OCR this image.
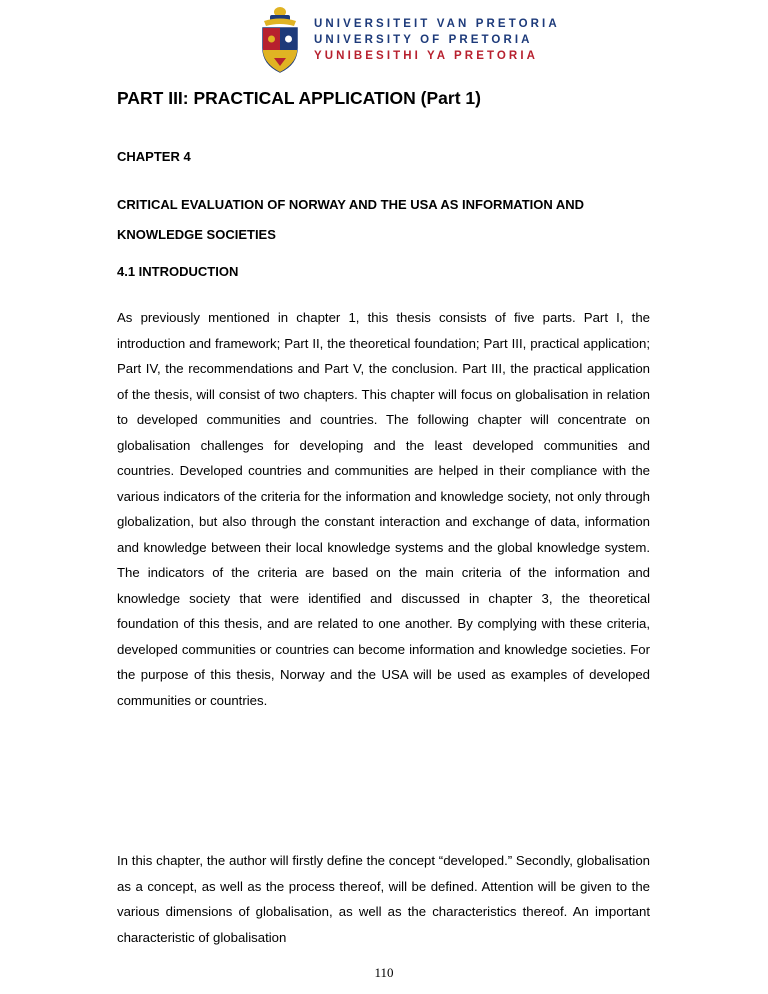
UNIVERSITEIT VAN PRETORIA
UNIVERSITY OF PRETORIA
YUNIBESITHI YA PRETORIA
PART III: PRACTICAL APPLICATION (Part 1)
CHAPTER 4
CRITICAL EVALUATION OF NORWAY AND THE USA AS INFORMATION AND KNOWLEDGE SOCIETIES
4.1 INTRODUCTION

As previously mentioned in chapter 1, this thesis consists of five parts. Part I, the introduction and framework; Part II, the theoretical foundation; Part III, practical application; Part IV, the recommendations and Part V, the conclusion. Part III, the practical application of the thesis, will consist of two chapters. This chapter will focus on globalisation in relation to developed communities and countries. The following chapter will concentrate on globalisation challenges for developing and the least developed communities and countries. Developed countries and communities are helped in their compliance with the various indicators of the criteria for the information and knowledge society, not only through globalization, but also through the constant interaction and exchange of data, information and knowledge between their local knowledge systems and the global knowledge system. The indicators of the criteria are based on the main criteria of the information and knowledge society that were identified and discussed in chapter 3, the theoretical foundation of this thesis, and are related to one another. By complying with these criteria, developed communities or countries can become information and knowledge societies. For the purpose of this thesis, Norway and the USA will be used as examples of developed communities or countries.

In this chapter, the author will firstly define the concept “developed.” Secondly, globalisation as a concept, as well as the process thereof, will be defined. Attention will be given to the various dimensions of globalisation, as well as the characteristics thereof. An important characteristic of globalisation

110
